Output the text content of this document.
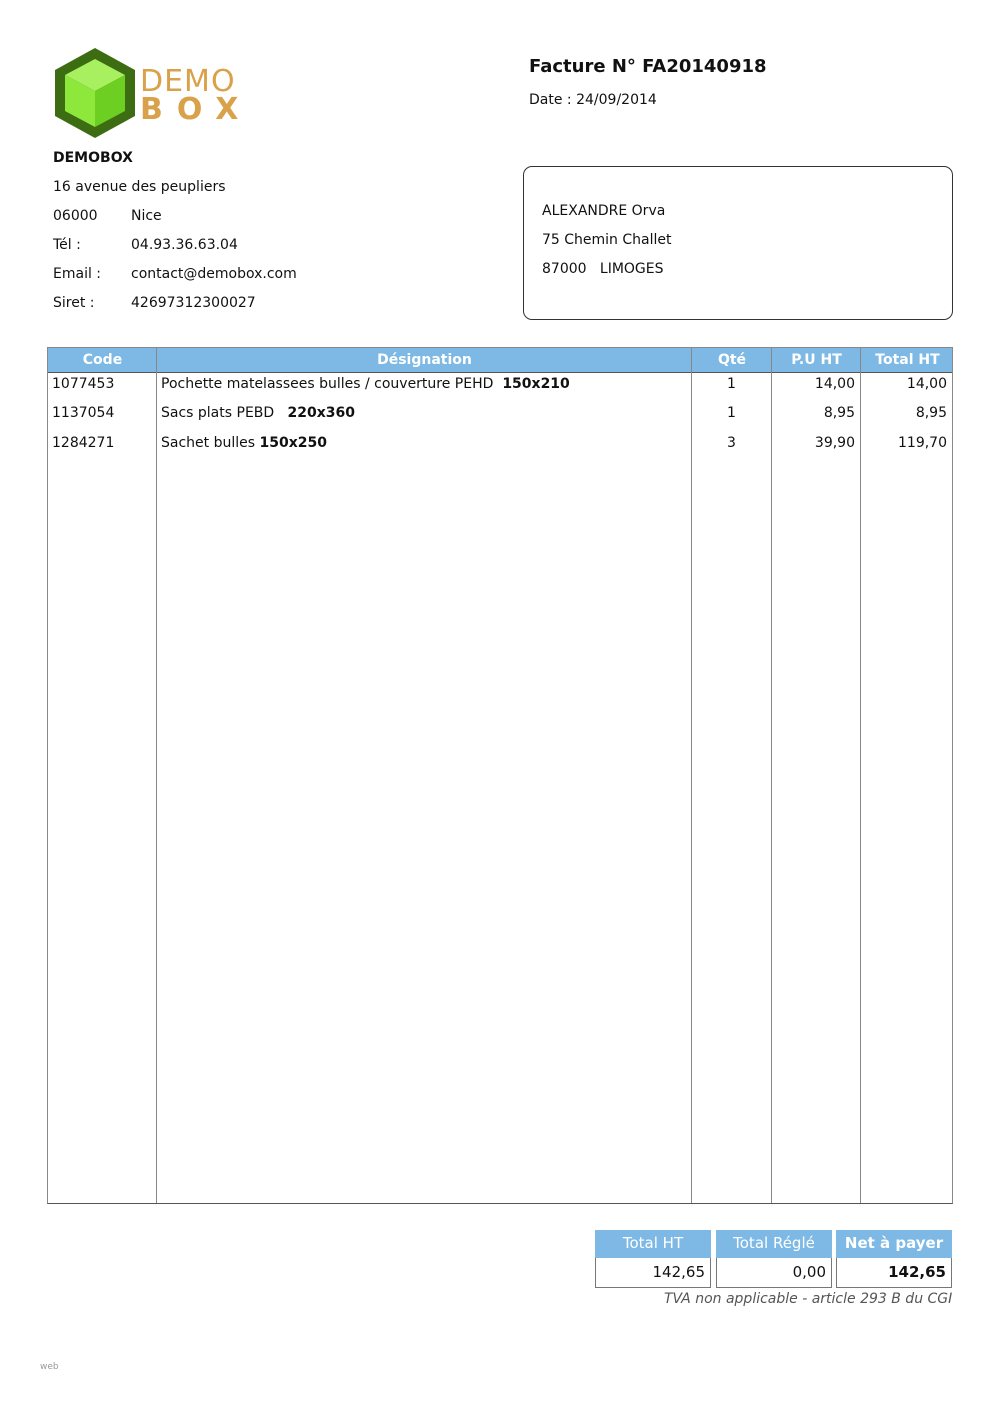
DEMO
BOX
DEMOBOX
16 avenue des peupliers
06000 Nice
Tél :	04.93.36.63.04
Email : contact@demobox.com
Siret :	42697312300027
Facture N° FA20140918
Date : 24/09/2014
ALEXANDRE Orva
75 Chemin Challet
87000 LIMOGES
Code	Désignation	Qté	P.U HT	Total HT
1077453	Pochette matelassees bulles / couverture PEHD 150x210	1	14,00	14,00
1137054	Sacs plats PEBD 220x360	1	8,95	8,95
1284271	Sachet bulles 150x250	3	39,90	119,70
Total HT
142,65
Total Réglé
0,00
Net à payer
142,65
TVA non applicable - article 293 B du CGI
web
